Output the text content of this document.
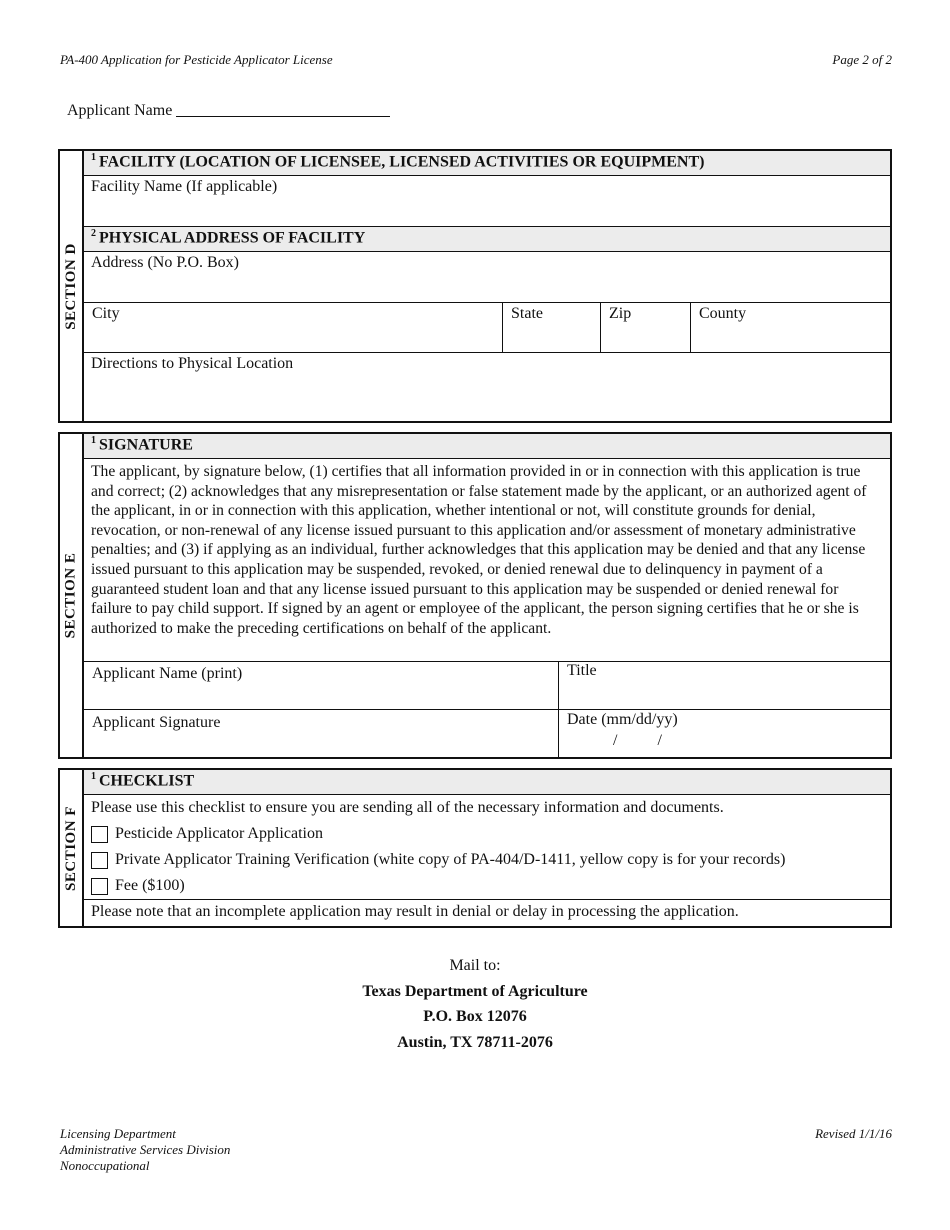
PA-400 Application for Pesticide Applicator License	Page 2 of 2
Applicant Name
SECTION D
$^1$ FACILITY (LOCATION OF LICENSEE, LICENSED ACTIVITIES OR EQUIPMENT)
Facility Name (If applicable)
$^2$ PHYSICAL ADDRESS OF FACILITY
Address (No P.O. Box)
City	State	Zip	County
Directions to Physical Location
SECTION E
$^1$ SIGNATURE
The applicant, by signature below, (1) certifies that all information provided in or in connection with this application is true and correct; (2) acknowledges that any misrepresentation or false statement made by the applicant, or an authorized agent of the applicant, in or in connection with this application, whether intentional or not, will constitute grounds for denial, revocation, or non-renewal of any license issued pursuant to this application and/or assessment of monetary administrative penalties; and (3) if applying as an individual, further acknowledges that this application may be denied and that any license issued pursuant to this application may be suspended, revoked, or denied renewal due to delinquency in payment of a guaranteed student loan and that any license issued pursuant to this application may be suspended or denied renewal for failure to pay child support. If signed by an agent or employee of the applicant, the person signing certifies that he or she is authorized to make the preceding certifications on behalf of the applicant.
Applicant Name (print)	Title
Applicant Signature	Date (mm/dd/yy)
/          /
SECTION F
$^1$ CHECKLIST
Please use this checklist to ensure you are sending all of the necessary information and documents.
Pesticide Applicator Application
Private Applicator Training Verification (white copy of PA-404/D-1411, yellow copy is for your records)
Fee ($100)
Please note that an incomplete application may result in denial or delay in processing the application.
Mail to:
Texas Department of Agriculture
P.O. Box 12076
Austin, TX 78711-2076
Licensing Department
Administrative Services Division
Nonoccupational
Revised 1/1/16
